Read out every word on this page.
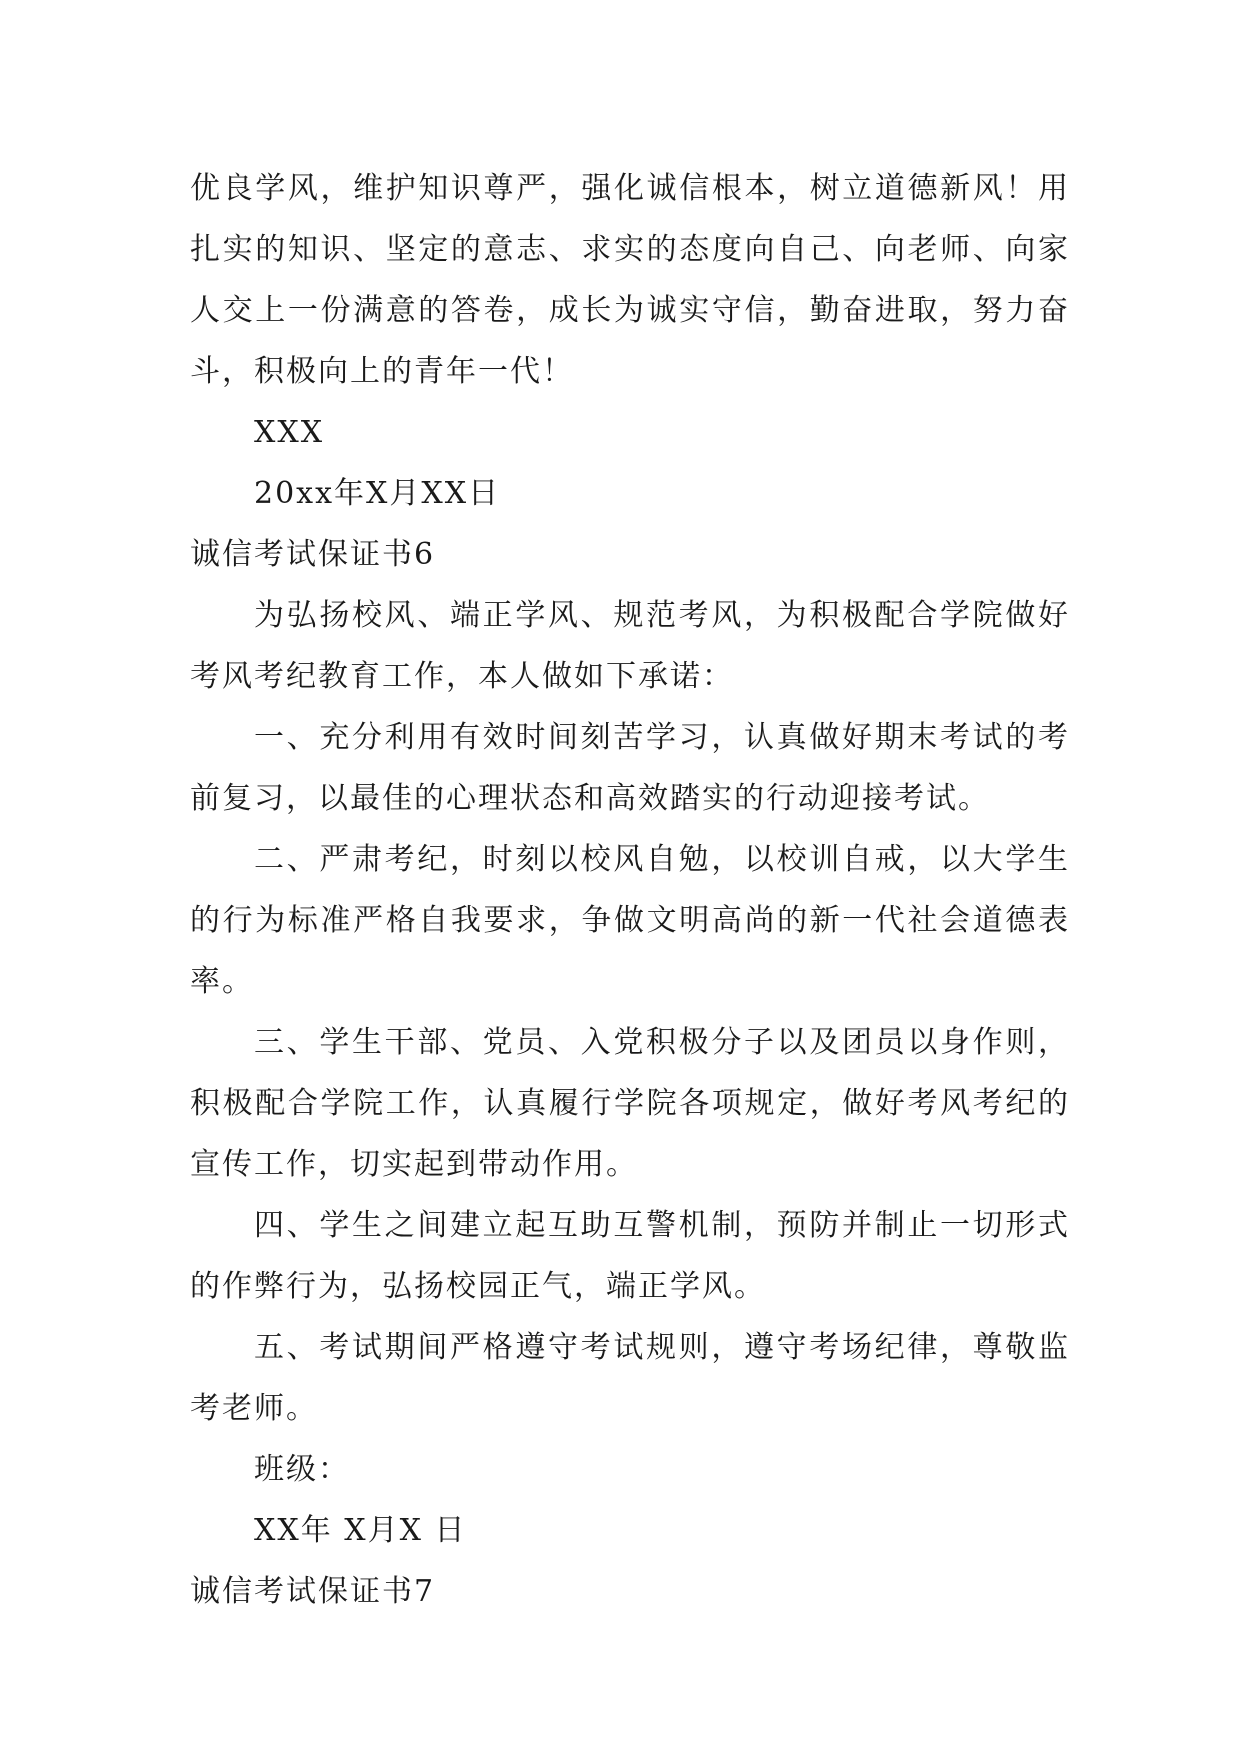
优良学风，维护知识尊严，强化诚信根本，树立道德新风！用扎实的知识、坚定的意志、求实的态度向自己、向老师、向家人交上一份满意的答卷，成长为诚实守信，勤奋进取，努力奋斗，积极向上的青年一代！

XXX

20xx年X月XX日

诚信考试保证书6

为弘扬校风、端正学风、规范考风，为积极配合学院做好考风考纪教育工作，本人做如下承诺：

一、充分利用有效时间刻苦学习，认真做好期末考试的考前复习，以最佳的心理状态和高效踏实的行动迎接考试。

二、严肃考纪，时刻以校风自勉，以校训自戒，以大学生的行为标准严格自我要求，争做文明高尚的新一代社会道德表率。

三、学生干部、党员、入党积极分子以及团员以身作则，积极配合学院工作，认真履行学院各项规定，做好考风考纪的宣传工作，切实起到带动作用。

四、学生之间建立起互助互警机制，预防并制止一切形式的作弊行为，弘扬校园正气，端正学风。

五、考试期间严格遵守考试规则，遵守考场纪律，尊敬监考老师。

班级：

XX年 X月X 日

诚信考试保证书7
